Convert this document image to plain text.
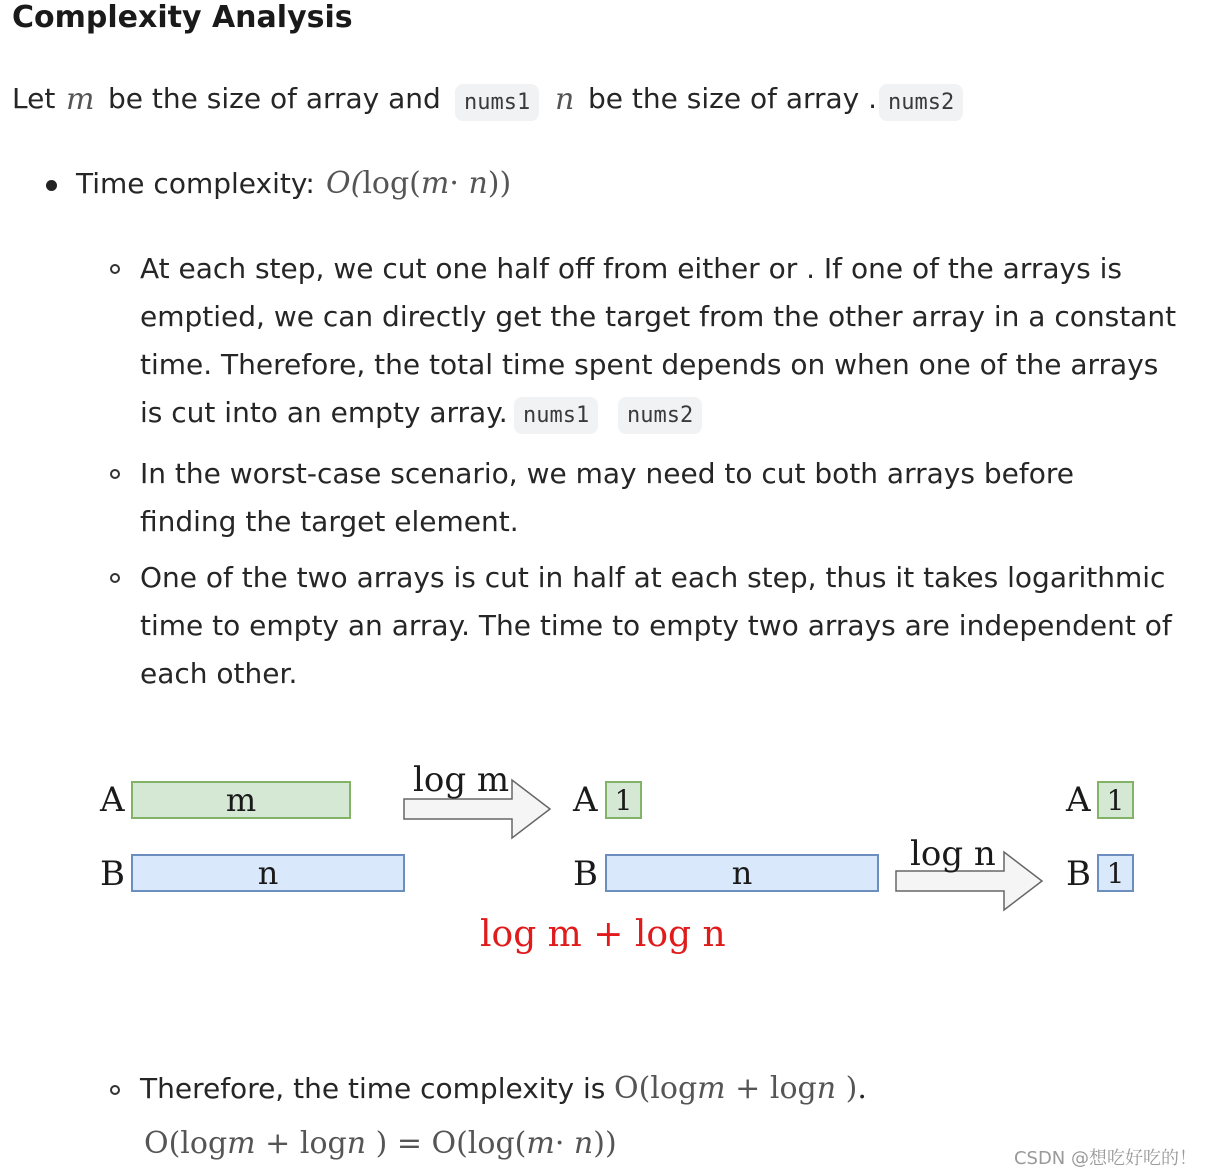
Complexity Analysis
Let m be the size of array and	nums1 n be the size of array . nums2
Time complexity: O(log(m· n))
At each step, we cut one half off from either or . If one of the arrays is
emptied, we can directly get the target from the other array in a constant
time. Therefore, the total time spent depends on when one of the arrays
is cut into an empty array. nums1	nums2
In the worst-case scenario, we may need to cut both arrays before
finding the target element.
One of the two arrays is cut in half at each step, thus it takes logarithmic
time to empty an array. The time to empty two arrays are independent of
each other.
A	m
B	n
log m A 1
B	n	log n
A 1
B 1
log m + log n
Therefore, the time complexity is O(logm + logn ).
O(logm + logn ) = O(log(m· n))	CSDN @想吃好吃的！
